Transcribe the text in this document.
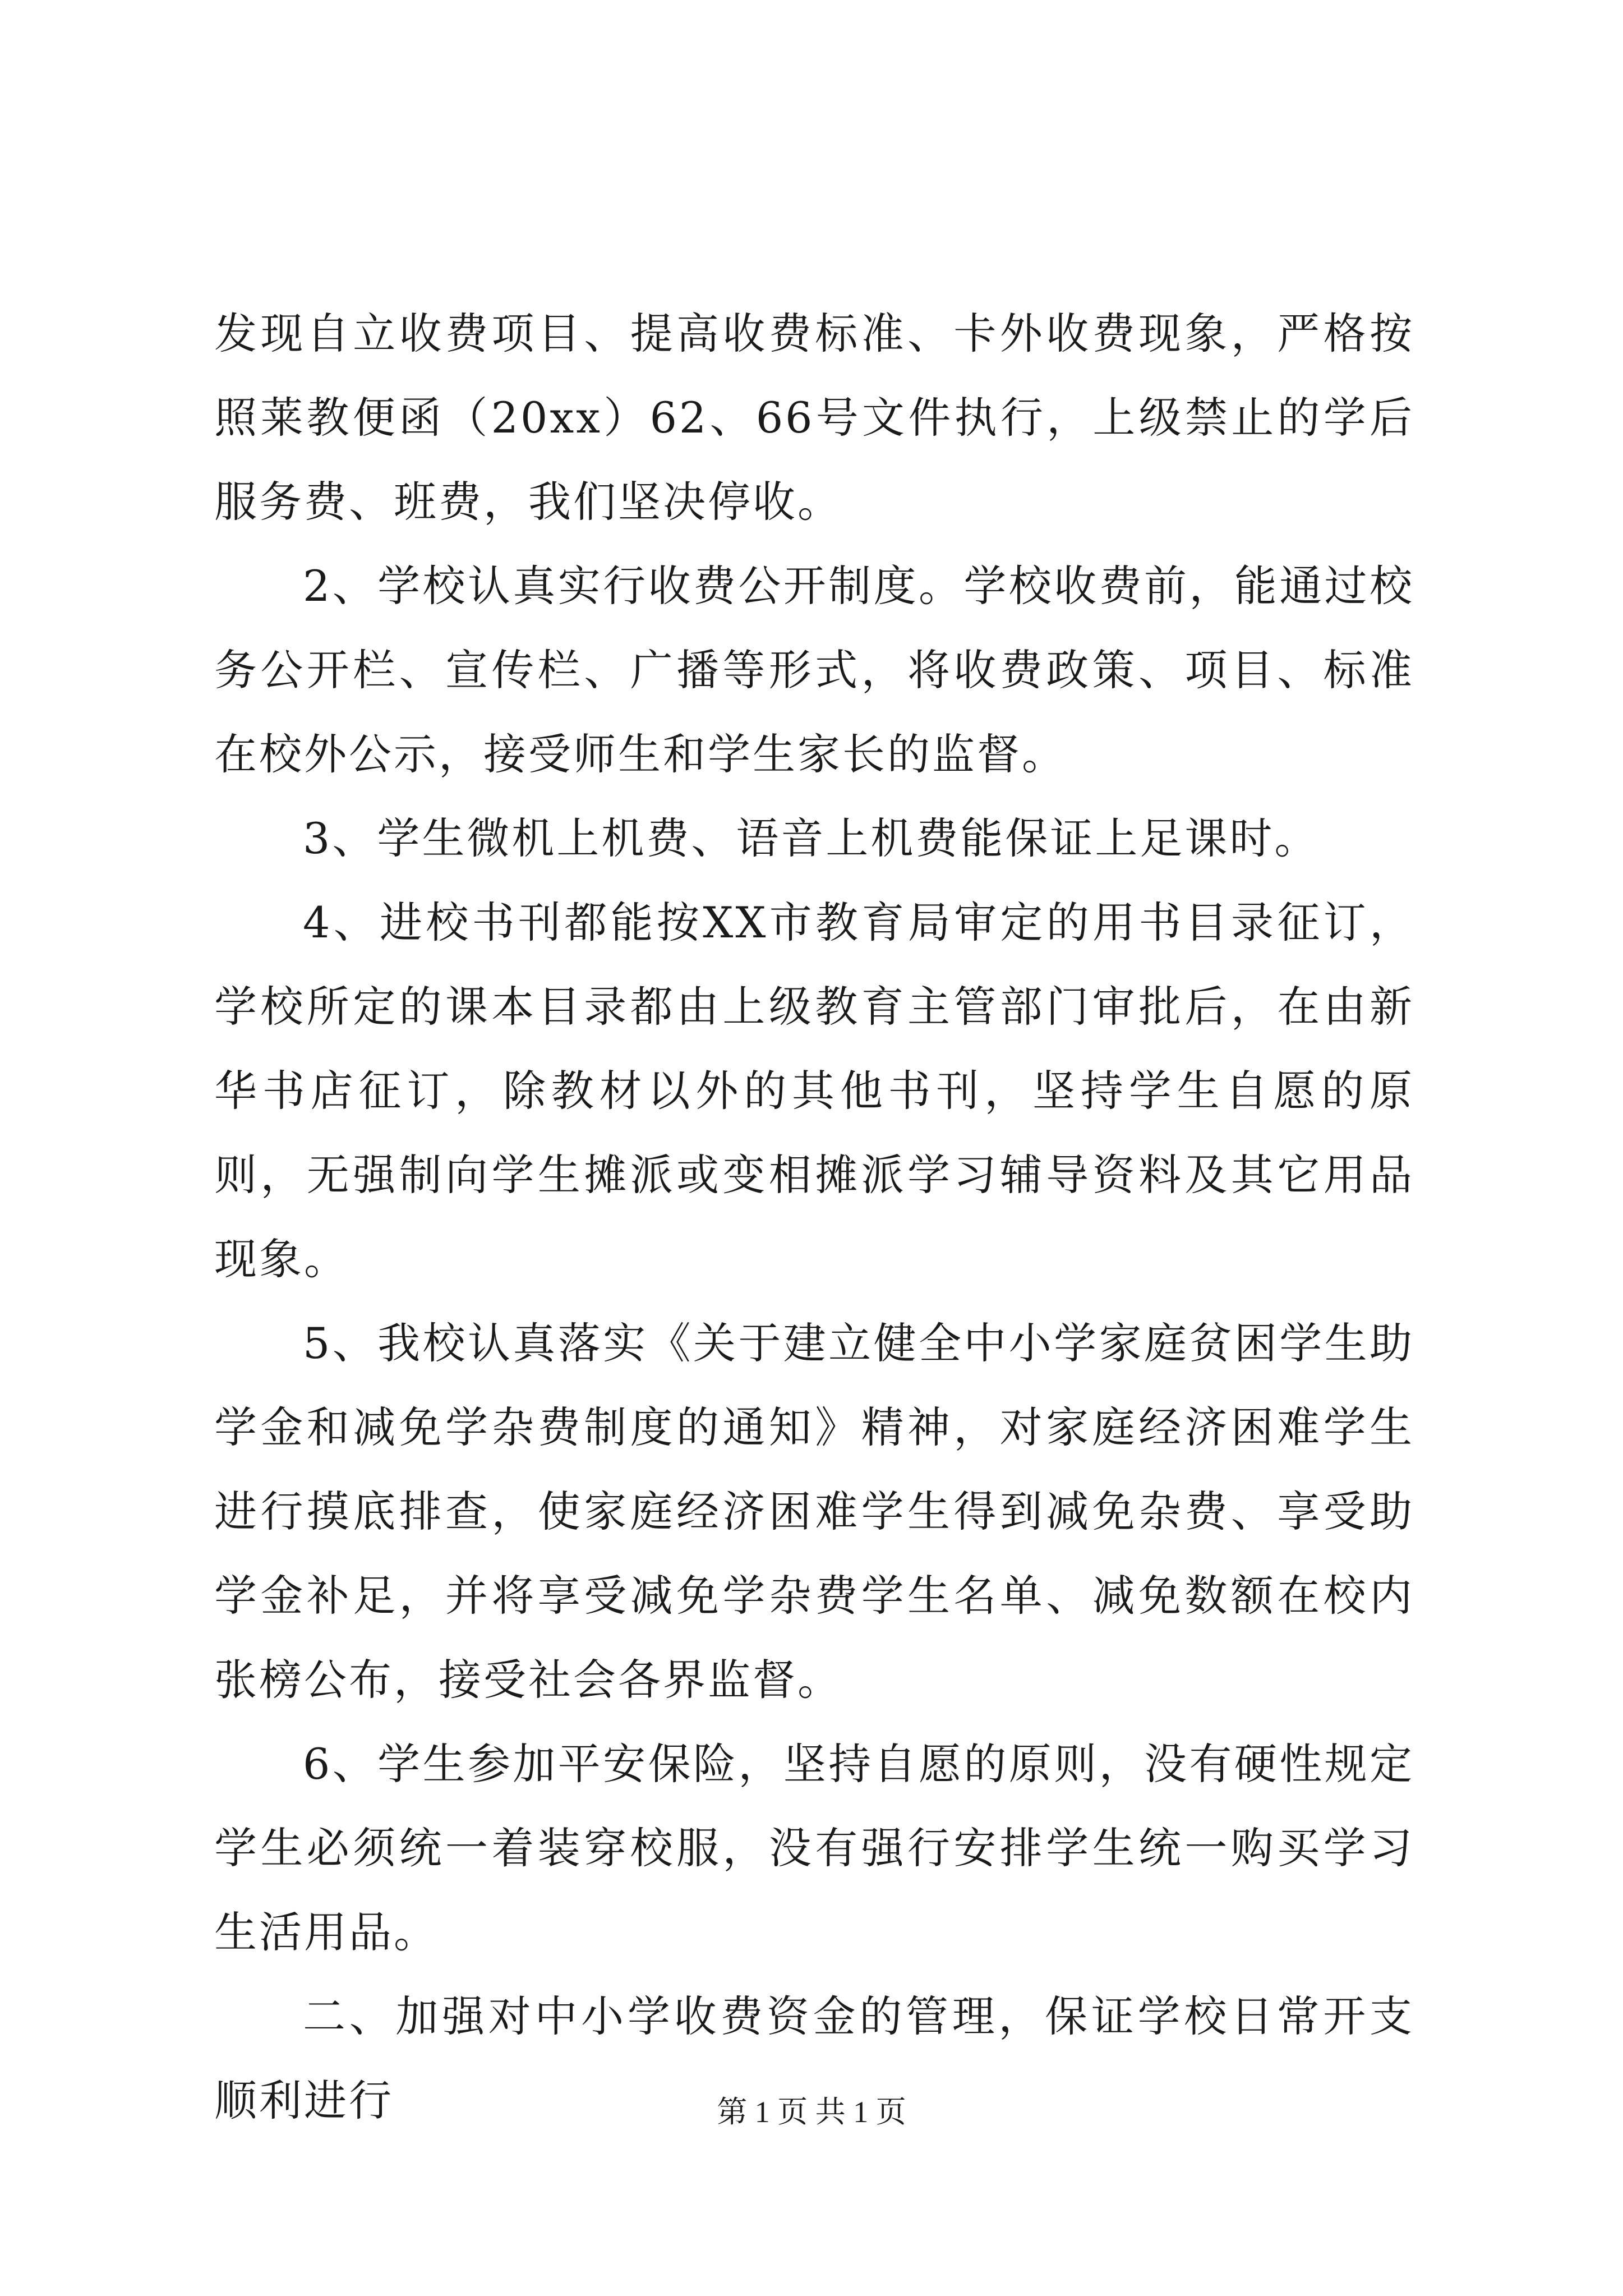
发现自立收费项目、提高收费标准、卡外收费现象，严格按照莱教便函（20xx）62、66号文件执行，上级禁止的学后服务费、班费，我们坚决停收。

2、学校认真实行收费公开制度。学校收费前，能通过校务公开栏、宣传栏、广播等形式，将收费政策、项目、标准在校外公示，接受师生和学生家长的监督。

3、学生微机上机费、语音上机费能保证上足课时。

4、进校书刊都能按XX市教育局审定的用书目录征订，学校所定的课本目录都由上级教育主管部门审批后，在由新华书店征订，除教材以外的其他书刊，坚持学生自愿的原则，无强制向学生摊派或变相摊派学习辅导资料及其它用品现象。

5、我校认真落实《关于建立健全中小学家庭贫困学生助学金和减免学杂费制度的通知》精神，对家庭经济困难学生进行摸底排查，使家庭经济困难学生得到减免杂费、享受助学金补足，并将享受减免学杂费学生名单、减免数额在校内张榜公布，接受社会各界监督。

6、学生参加平安保险，坚持自愿的原则，没有硬性规定学生必须统一着装穿校服，没有强行安排学生统一购买学习生活用品。

二、加强对中小学收费资金的管理，保证学校日常开支顺利进行	第 1 页 共 1 页
